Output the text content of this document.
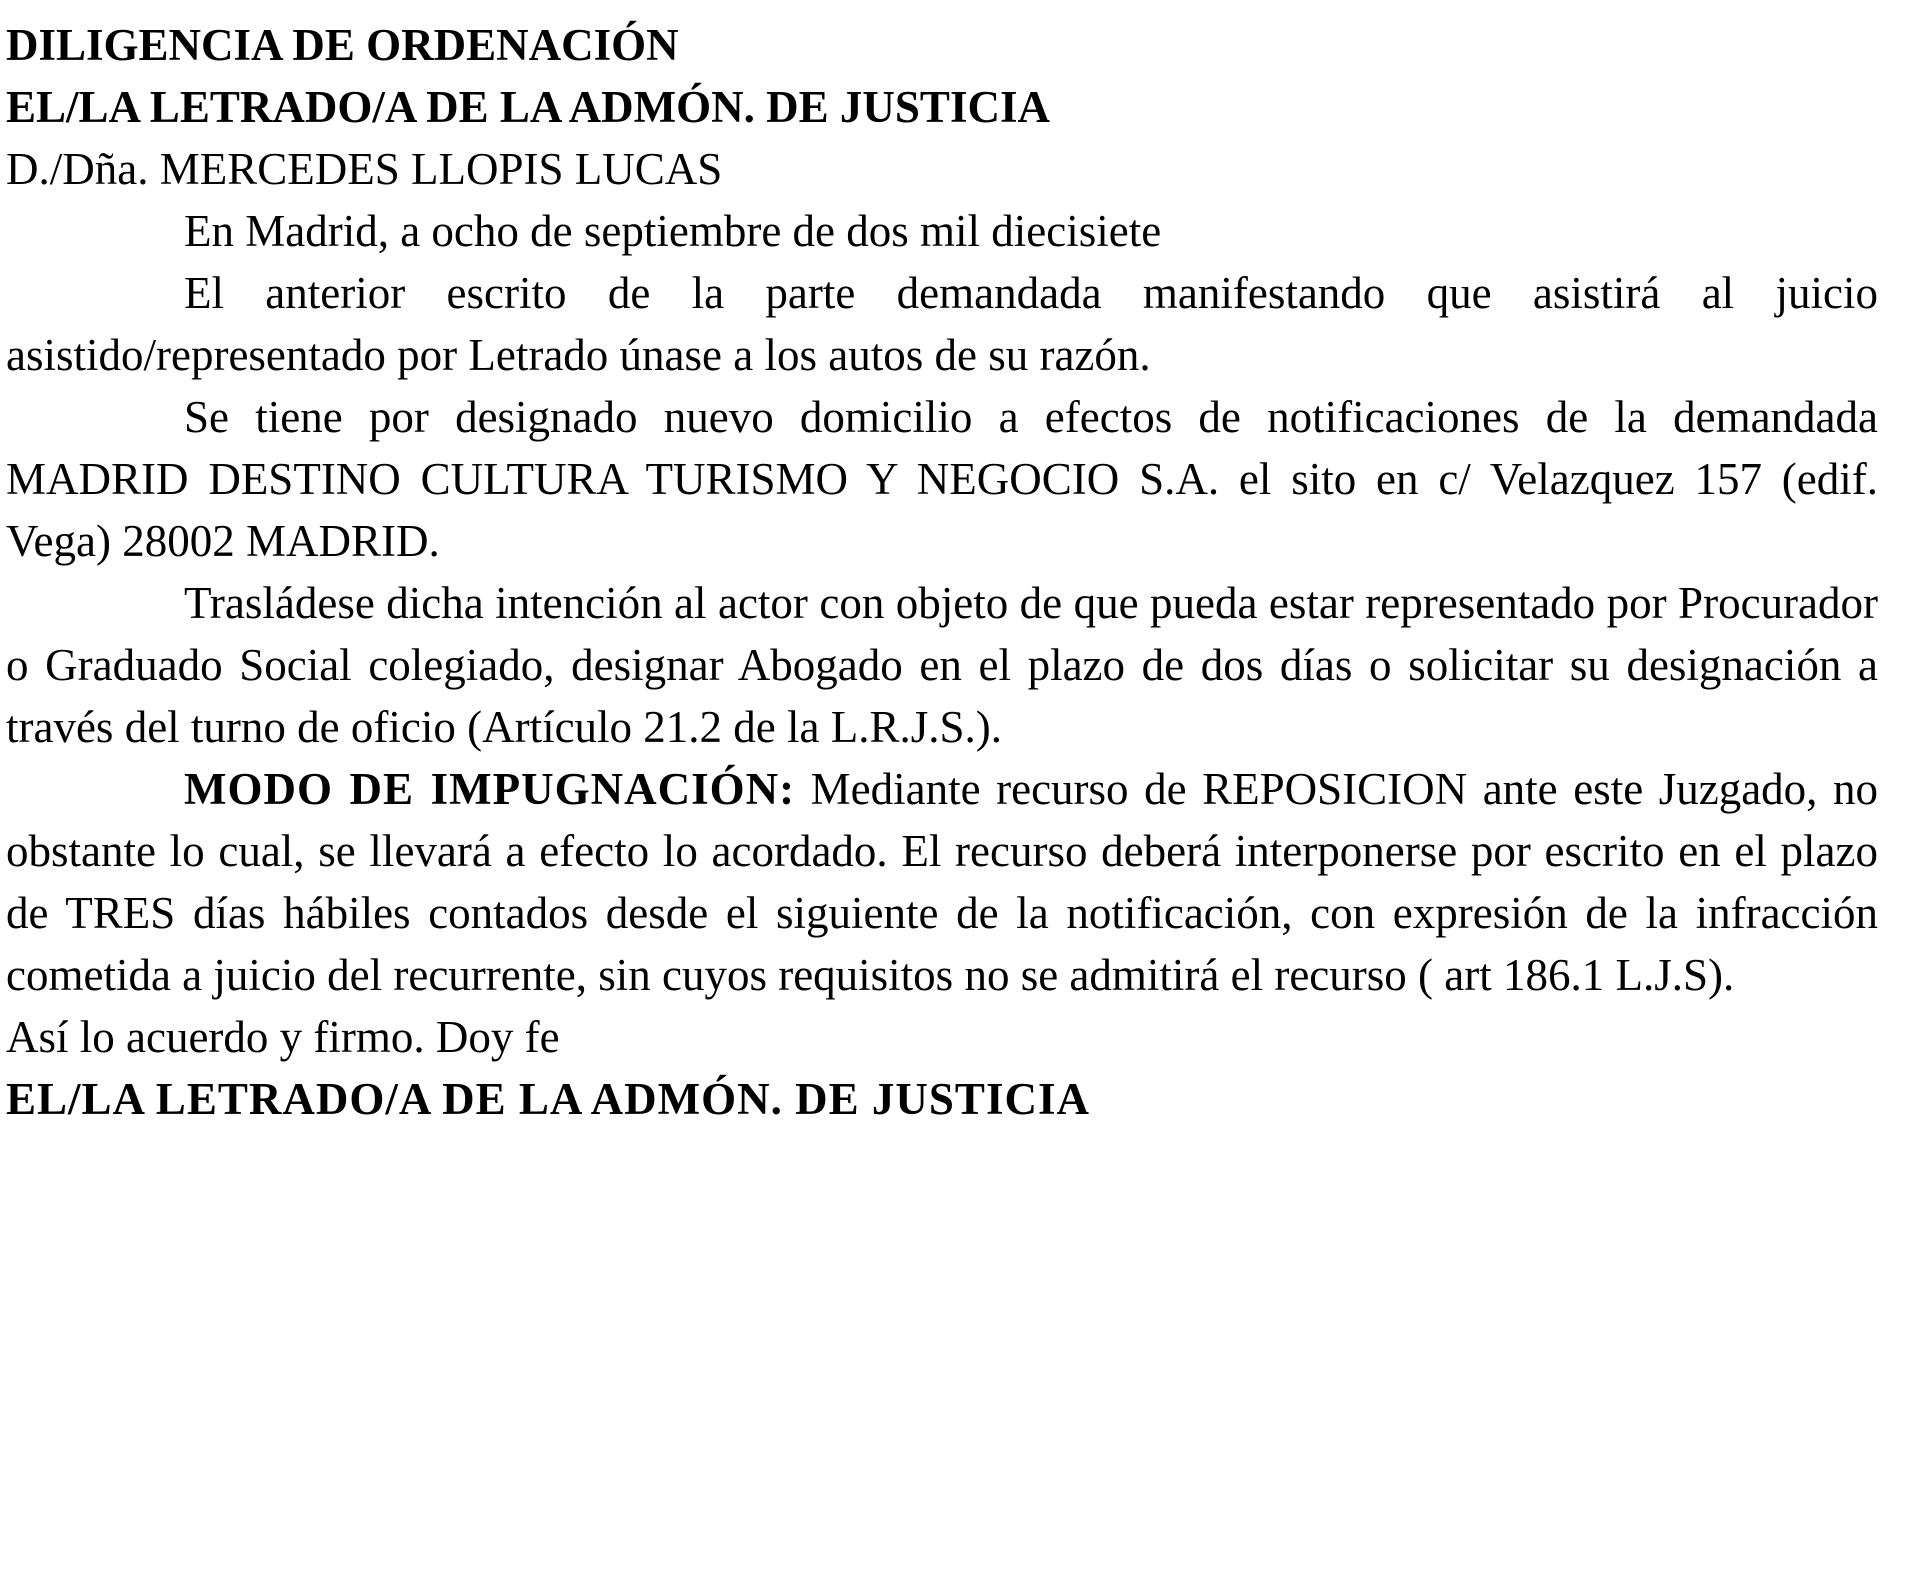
DILIGENCIA DE ORDENACIÓN
EL/LA LETRADO/A DE LA ADMÓN. DE JUSTICIA
D./Dña. MERCEDES LLOPIS LUCAS

En Madrid, a ocho de septiembre de dos mil diecisiete

El anterior escrito de la parte demandada manifestando que asistirá al juicio asistido/representado por Letrado únase a los autos de su razón.

Se tiene por designado nuevo domicilio a efectos de notificaciones de la demandada MADRID DESTINO CULTURA TURISMO Y NEGOCIO S.A. el sito en c/ Velazquez 157 (edif. Vega) 28002 MADRID.

Trasládese dicha intención al actor con objeto de que pueda estar representado por Procurador o Graduado Social colegiado, designar Abogado en el plazo de dos días o solicitar su designación a través del turno de oficio (Artículo 21.2 de la L.R.J.S.).

MODO DE IMPUGNACIÓN: Mediante recurso de REPOSICION ante este Juzgado, no obstante lo cual, se llevará a efecto lo acordado. El recurso deberá interponerse por escrito en el plazo de TRES días hábiles contados desde el siguiente de la notificación, con expresión de la infracción cometida a juicio del recurrente, sin cuyos requisitos no se admitirá el recurso ( art 186.1 L.J.S).

Así lo acuerdo y firmo. Doy fe

EL/LA LETRADO/A DE LA ADMÓN. DE JUSTICIA
